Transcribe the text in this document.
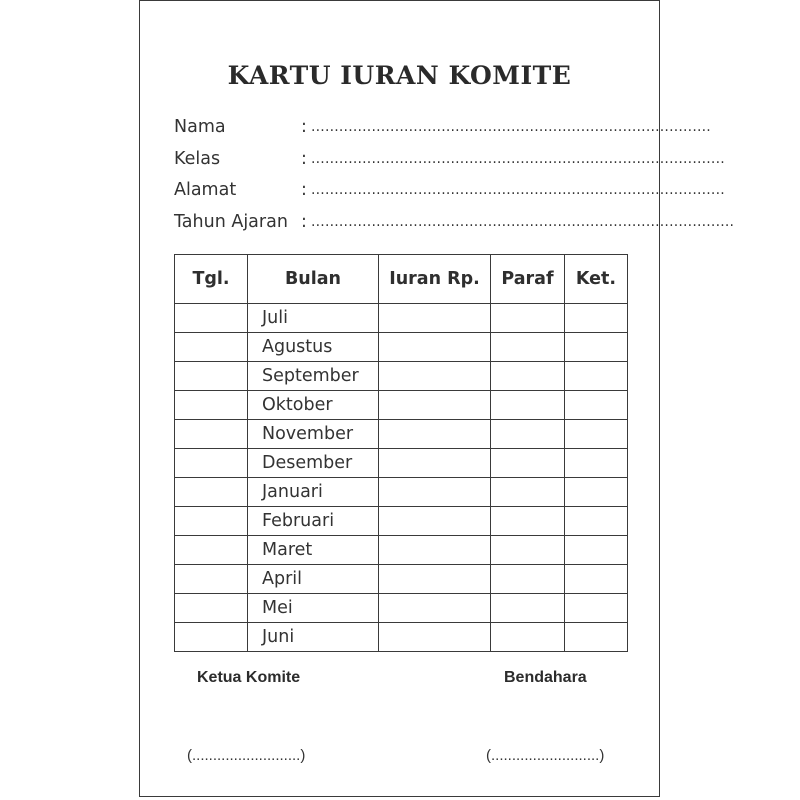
KARTU IURAN KOMITE
Nama	: ......................................................................................
Kelas	: .........................................................................................
Alamat	: .........................................................................................
Tahun Ajaran : ...........................................................................................
Tgl.	Bulan	Iuran Rp.	Paraf	Ket.
	Juli			
	Agustus			
	September			
	Oktober			
	November			
	Desember			
	Januari			
	Februari			
	Maret			
	April			
	Mei			
	Juni			
Ketua Komite	Bendahara
(..........................)	(..........................)
